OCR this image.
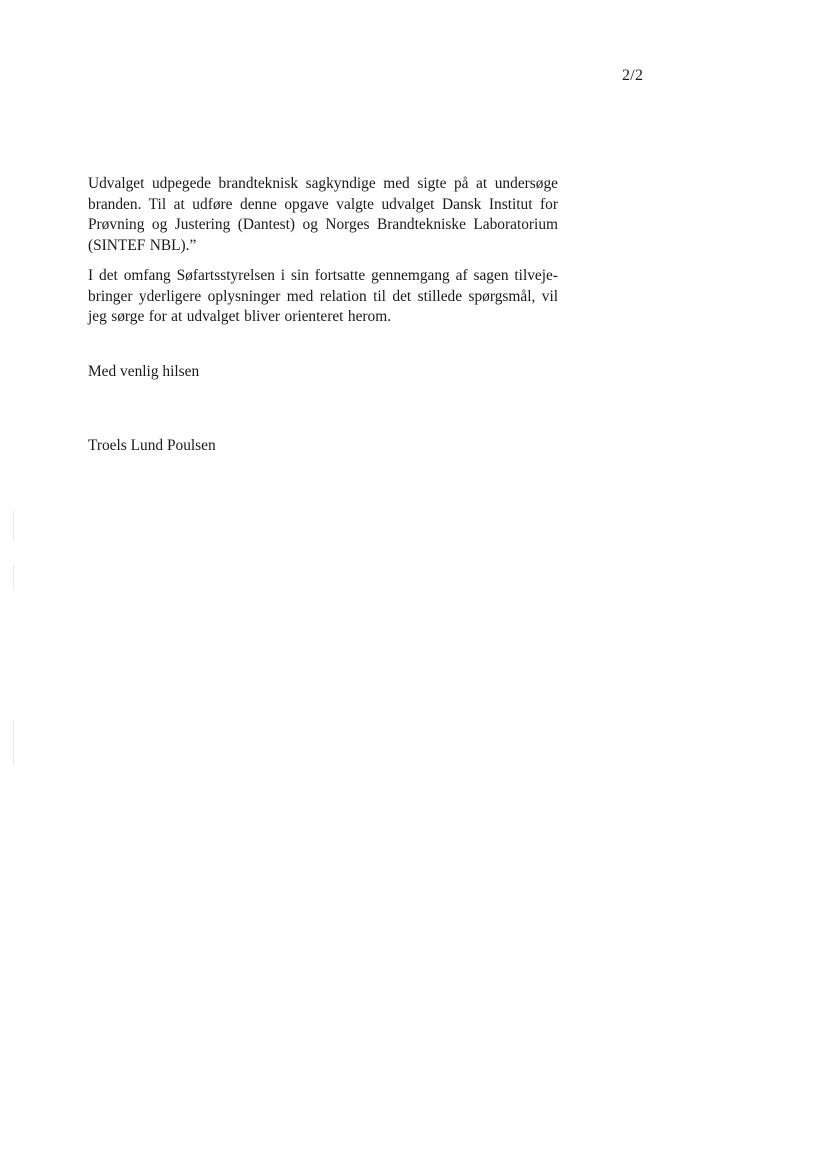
2/2

Udvalget udpegede brandteknisk sagkyndige med sigte på at undersøge branden. Til at udføre denne opgave valgte udvalget Dansk Institut for Prøvning og Justering (Dantest) og Norges Brandtekniske Laboratorium (SINTEF NBL).”

I det omfang Søfartsstyrelsen i sin fortsatte gennemgang af sagen tilveje-bringer yderligere oplysninger med relation til det stillede spørgsmål, vil jeg sørge for at udvalget bliver orienteret herom.

Med venlig hilsen
Troels Lund Poulsen
